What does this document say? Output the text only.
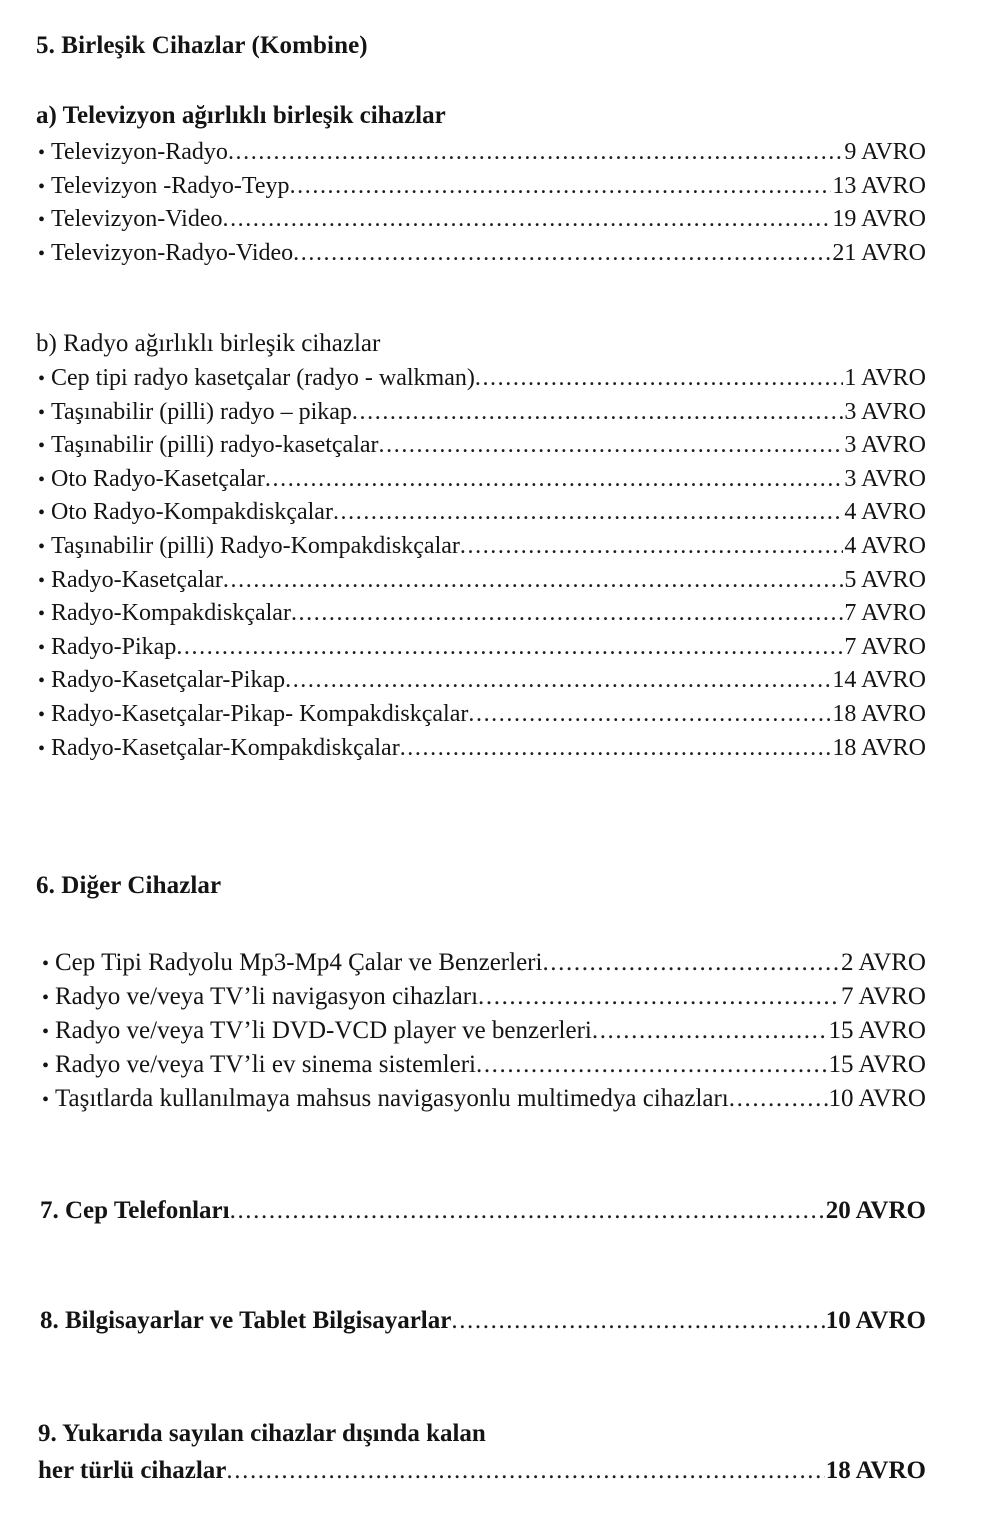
5. Birleşik Cihazlar (Kombine)
a) Televizyon ağırlıklı birleşik cihazlar
• Televizyon-Radyo .....	9 AVRO
• Televizyon -Radyo-Teyp .....	13 AVRO
• Televizyon-Video .....	19 AVRO
• Televizyon-Radyo-Video .....	21 AVRO
b) Radyo ağırlıklı birleşik cihazlar
• Cep tipi radyo kasetçalar (radyo - walkman) .....	1 AVRO
• Taşınabilir (pilli) radyo – pikap .....	3 AVRO
• Taşınabilir (pilli) radyo-kasetçalar .....	3 AVRO
• Oto Radyo-Kasetçalar .....	3 AVRO
• Oto Radyo-Kompakdiskçalar .....	4 AVRO
• Taşınabilir (pilli) Radyo-Kompakdiskçalar .....	4 AVRO
• Radyo-Kasetçalar .....	5 AVRO
• Radyo-Kompakdiskçalar .....	7 AVRO
• Radyo-Pikap .....	7 AVRO
• Radyo-Kasetçalar-Pikap .....	14 AVRO
• Radyo-Kasetçalar-Pikap- Kompakdiskçalar .....	18 AVRO
• Radyo-Kasetçalar-Kompakdiskçalar .....	18 AVRO
6. Diğer Cihazlar
• Cep Tipi Radyolu Mp3-Mp4 Çalar ve Benzerleri .....	2 AVRO
• Radyo ve/veya TV’li navigasyon cihazları .....	7 AVRO
• Radyo ve/veya TV’li DVD-VCD player ve benzerleri .....	15 AVRO
• Radyo ve/veya TV’li ev sinema sistemleri .....	15 AVRO
• Taşıtlarda kullanılmaya mahsus navigasyonlu multimedya cihazları .....	10 AVRO
7. Cep Telefonları .....	20 AVRO
8. Bilgisayarlar ve Tablet Bilgisayarlar .....	10 AVRO
9. Yukarıda sayılan cihazlar dışında kalan
her türlü cihazlar .....	18 AVRO
